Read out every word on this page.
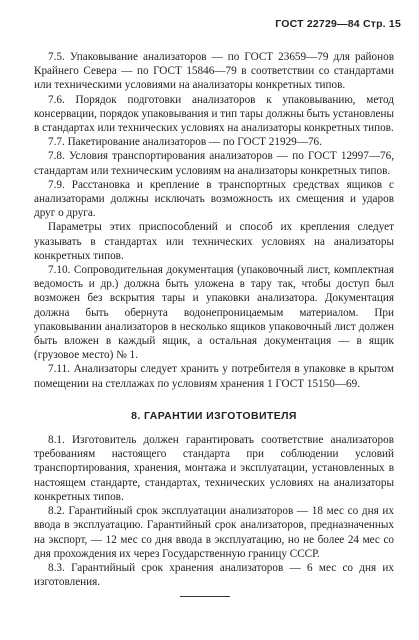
ГОСТ 22729—84 Стр. 15

7.5. Упаковывание анализаторов — по ГОСТ 23659—79 для районов Крайнего Севера — по ГОСТ 15846—79 в соответствии со стандартами или техническими условиями на анализаторы конкретных типов.

7.6. Порядок подготовки анализаторов к упаковыванию, метод консервации, порядок упаковывания и тип тары должны быть установлены в стандартах или технических условиях на анализаторы конкретных типов.

7.7. Пакетирование анализаторов — по ГОСТ 21929—76.

7.8. Условия транспортирования анализаторов — по ГОСТ 12997—76, стандартам или техническим условиям на анализаторы конкретных типов.

7.9. Расстановка и крепление в транспортных средствах ящиков с анализаторами должны исключать возможность их смещения и ударов друг о друга.

Параметры этих приспособлений и способ их крепления следует указывать в стандартах или технических условиях на анализаторы конкретных типов.

7.10. Сопроводительная документация (упаковочный лист, комплектная ведомость и др.) должна быть уложена в тару так, чтобы доступ был возможен без вскрытия тары и упаковки анализатора. Документация должна быть обернута водонепроницаемым материалом. При упаковывании анализаторов в несколько ящиков упаковочный лист должен быть вложен в каждый ящик, а остальная документация — в ящик (грузовое место) № 1.

7.11. Анализаторы следует хранить у потребителя в упаковке в крытом помещении на стеллажах по условиям хранения 1 ГОСТ 15150—69.

8. ГАРАНТИИ ИЗГОТОВИТЕЛЯ

8.1. Изготовитель должен гарантировать соответствие анализаторов требованиям настоящего стандарта при соблюдении условий транспортирования, хранения, монтажа и эксплуатации, установленных в настоящем стандарте, стандартах, технических условиях на анализаторы конкретных типов.

8.2. Гарантийный срок эксплуатации анализаторов — 18 мес со дня их ввода в эксплуатацию. Гарантийный срок анализаторов, предназначенных на экспорт, — 12 мес со дня ввода в эксплуатацию, но не более 24 мес со дня прохождения их через Государственную границу СССР.

8.3. Гарантийный срок хранения анализаторов — 6 мес со дня их изготовления.
